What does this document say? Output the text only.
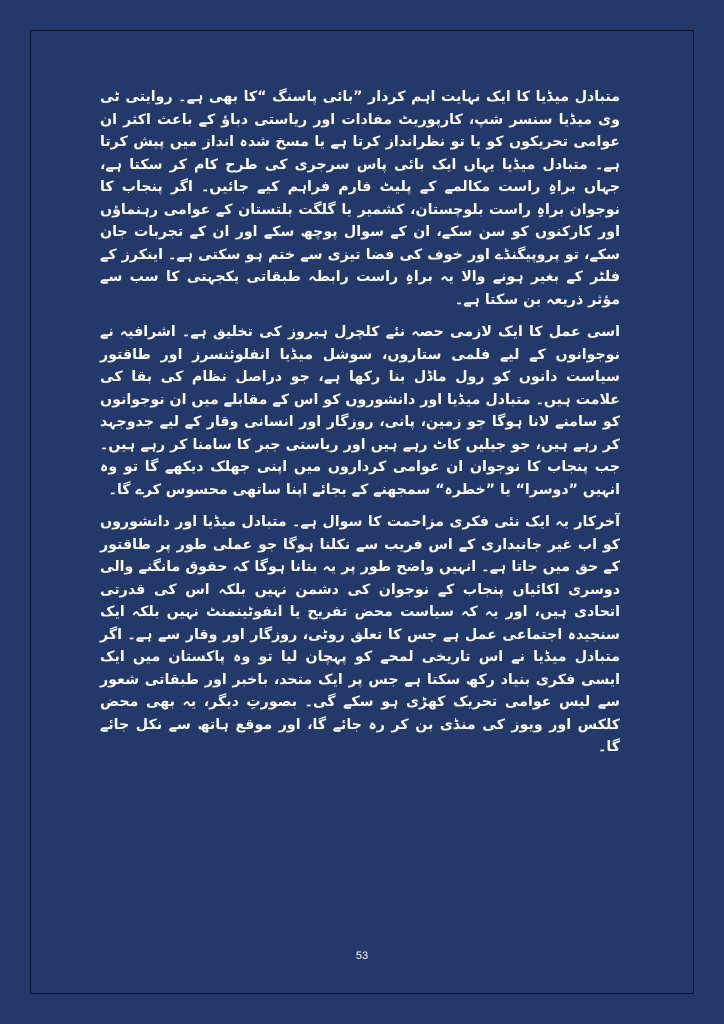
متبادل میڈیا کا ایک نہایت اہم کردار ”بائی پاسنگ “کا بھی ہے۔ روایتی ٹی وی میڈیا سنسر شپ، کارپوریٹ مفادات اور ریاستی دباؤ کے باعث اکثر ان عوامی تحریکوں کو یا تو نظرانداز کرتا ہے یا مسخ شدہ انداز میں پیش کرتا ہے۔ متبادل میڈیا یہاں ایک بائی پاس سرجری کی طرح کام کر سکتا ہے، جہاں براہِ راست مکالمے کے پلیٹ فارم فراہم کیے جائیں۔ اگر پنجاب کا نوجوان براہِ راست بلوچستان، کشمیر یا گلگت بلتستان کے عوامی رہنماؤں اور کارکنوں کو سن سکے، ان کے سوال پوچھ سکے اور ان کے تجربات جان سکے، تو پروپیگنڈے اور خوف کی فضا تیزی سے ختم ہو سکتی ہے۔ اینکرز کے فلٹر کے بغیر ہونے والا یہ براہِ راست رابطہ طبقاتی یکجہتی کا سب سے مؤثر ذریعہ بن سکتا ہے۔

اسی عمل کا ایک لازمی حصہ نئے کلچرل ہیروز کی تخلیق ہے۔ اشرافیہ نے نوجوانوں کے لیے فلمی ستاروں، سوشل میڈیا انفلوئنسرز اور طاقتور سیاست دانوں کو رول ماڈل بنا رکھا ہے، جو دراصل نظام کی بقا کی علامت ہیں۔ متبادل میڈیا اور دانشوروں کو اس کے مقابلے میں ان نوجوانوں کو سامنے لانا ہوگا جو زمین، پانی، روزگار اور انسانی وقار کے لیے جدوجہد کر رہے ہیں، جو جیلیں کاٹ رہے ہیں اور ریاستی جبر کا سامنا کر رہے ہیں۔ جب پنجاب کا نوجوان ان عوامی کرداروں میں اپنی جھلک دیکھے گا تو وہ انہیں ”دوسرا“ یا ”خطرہ“ سمجھنے کے بجائے اپنا ساتھی محسوس کرے گا۔

آخرکار یہ ایک نئی فکری مزاحمت کا سوال ہے۔ متبادل میڈیا اور دانشوروں کو اب غیر جانبداری کے اس فریب سے نکلنا ہوگا جو عملی طور پر طاقتور کے حق میں جاتا ہے۔ انہیں واضح طور پر یہ بتانا ہوگا کہ حقوق مانگنے والی دوسری اکائیاں پنجاب کے نوجوان کی دشمن نہیں بلکہ اس کی قدرتی اتحادی ہیں، اور یہ کہ سیاست محض تفریح یا انفوٹینمنٹ نہیں بلکہ ایک سنجیدہ اجتماعی عمل ہے جس کا تعلق روٹی، روزگار اور وقار سے ہے۔ اگر متبادل میڈیا نے اس تاریخی لمحے کو پہچان لیا تو وہ پاکستان میں ایک ایسی فکری بنیاد رکھ سکتا ہے جس پر ایک متحد، باخبر اور طبقاتی شعور سے لیس عوامی تحریک کھڑی ہو سکے گی۔ بصورتِ دیگر، یہ بھی محض کلکس اور ویوز کی منڈی بن کر رہ جائے گا، اور موقع ہاتھ سے نکل جائے گا۔

53
